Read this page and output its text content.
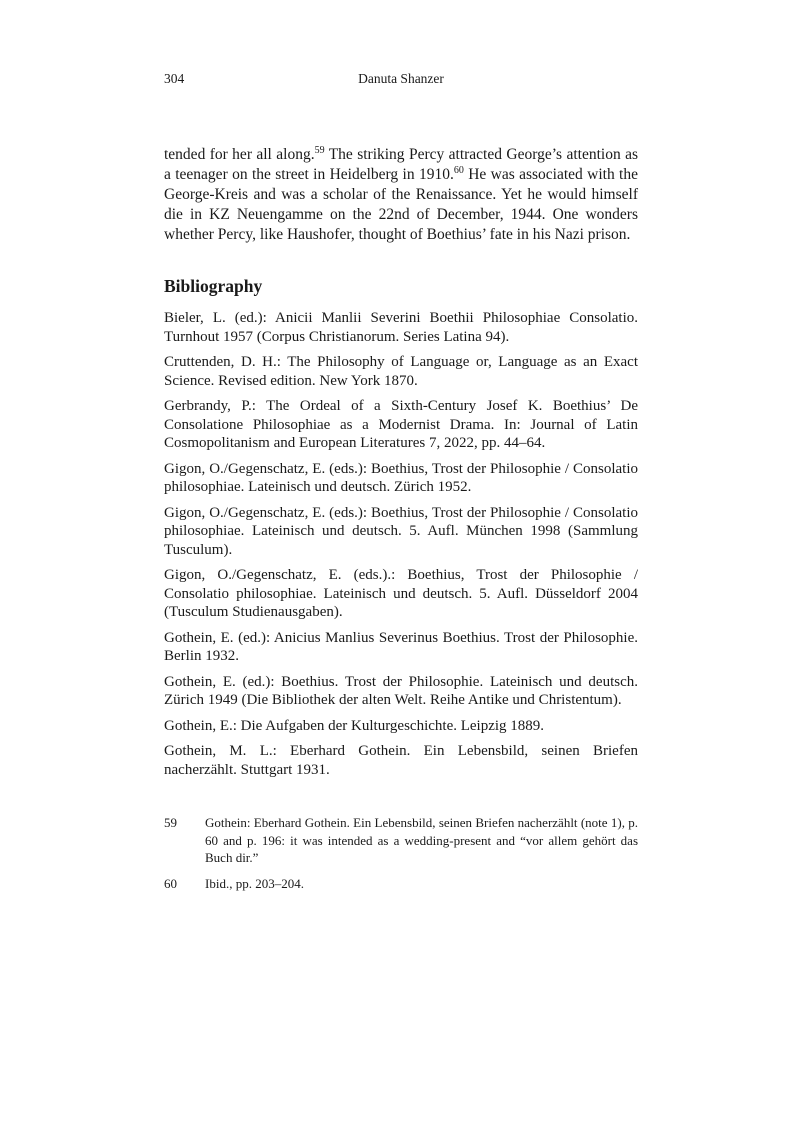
304	Danuta Shanzer

tended for her all along.$^{59}$ The striking Percy attracted George’s attention as a teenager on the street in Heidelberg in 1910.60 He was associated with the George-Kreis and was a scholar of the Renaissance. Yet he would himself die in KZ Neuengamme on the 22nd of December, 1944. One wonders whether Percy, like Haushofer, thought of Boethius’ fate in his Nazi prison.

Bibliography

Bieler, L. (ed.): Anicii Manlii Severini Boethii Philosophiae Consolatio. Turnhout 1957 (Corpus Christianorum. Series Latina 94).

Cruttenden, D. H.: The Philosophy of Language or, Language as an Exact Science. Revised edition. New York 1870.

Gerbrandy, P.: The Ordeal of a Sixth-Century Josef K. Boethius’ De Consolatione Philosophiae as a Modernist Drama. In: Journal of Latin Cosmopolitanism and European Literatures 7, 2022, pp. 44–64.

Gigon, O./Gegenschatz, E. (eds.): Boethius, Trost der Philosophie / Consolatio philosophiae. Lateinisch und deutsch. Zürich 1952.

Gigon, O./Gegenschatz, E. (eds.): Boethius, Trost der Philosophie / Consolatio philosophiae. Lateinisch und deutsch. 5. Aufl. München 1998 (Sammlung Tusculum).

Gigon, O./Gegenschatz, E. (eds.).: Boethius, Trost der Philosophie / Consolatio philosophiae. Lateinisch und deutsch. 5. Aufl. Düsseldorf 2004 (Tusculum Studienausgaben).

Gothein, E. (ed.): Anicius Manlius Severinus Boethius. Trost der Philosophie. Berlin 1932.

Gothein, E. (ed.): Boethius. Trost der Philosophie. Lateinisch und deutsch. Zürich 1949 (Die Bibliothek der alten Welt. Reihe Antike und Christentum).

Gothein, E.: Die Aufgaben der Kulturgeschichte. Leipzig 1889.

Gothein, M. L.: Eberhard Gothein. Ein Lebensbild, seinen Briefen nacherzählt. Stuttgart 1931.

59	Gothein: Eberhard Gothein. Ein Lebensbild, seinen Briefen nacherzählt (note 1), p. 60 and p. 196: it was intended as a wedding-present and “vor allem gehört das Buch dir.”
60	Ibid., pp. 203–204.
